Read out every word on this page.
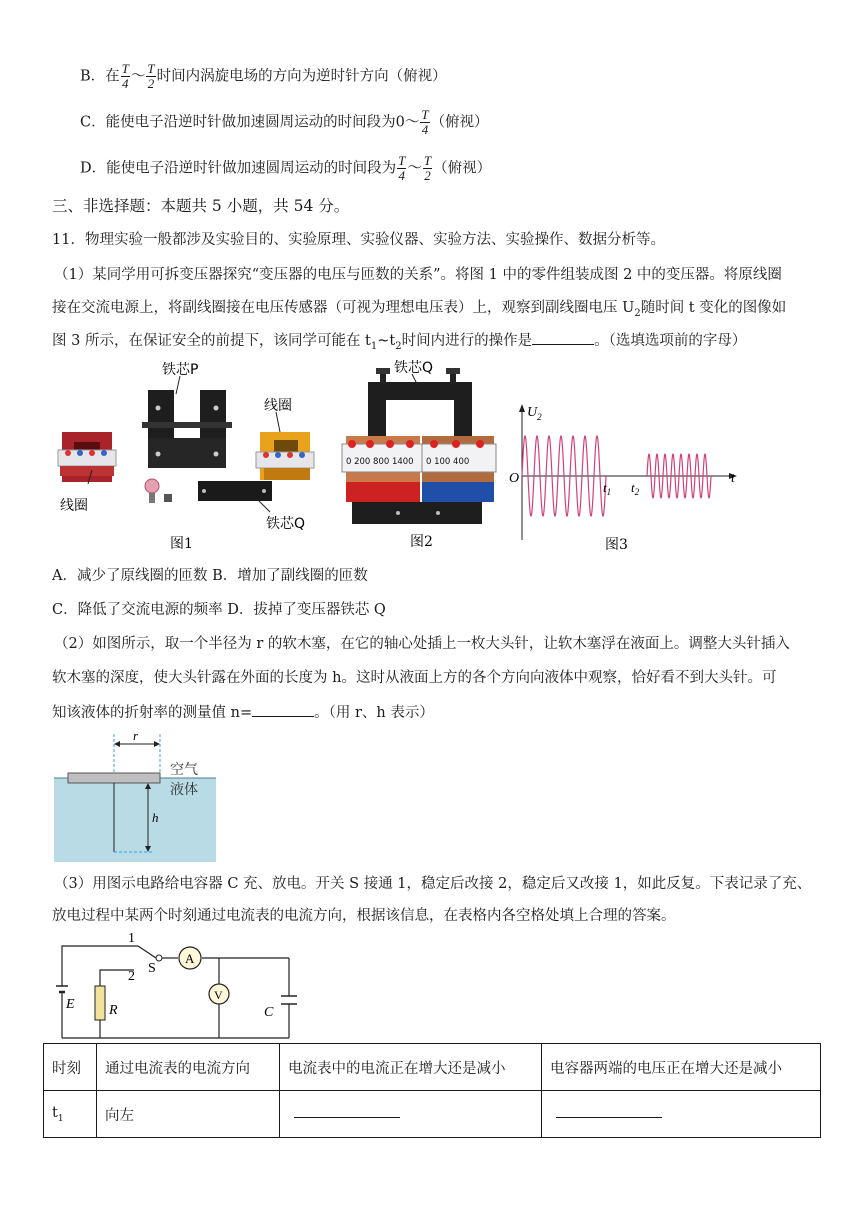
B．在 $\frac{T}{4}$ ～ $\frac{T}{2}$ 时间内涡旋电场的方向为逆时针方向（俯视）
C．能使电子沿逆时针做加速圆周运动的时间段为0～ $\frac{T}{4}$ （俯视）
D．能使电子沿逆时针做加速圆周运动的时间段为 $\frac{T}{4}$ ～ $\frac{T}{2}$ （俯视）
三、非选择题：本题共 5 小题，共 54 分。
11．物理实验一般都涉及实验目的、实验原理、实验仪器、实验方法、实验操作、数据分析等。
（1）某同学用可拆变压器探究“变压器的电压与匝数的关系”。将图 1 中的零件组装成图 2 中的变压器。将原线圈
接在交流电源上，将副线圈接在电压传感器（可视为理想电压表）上，观察到副线圈电压 $U_2$随时间 t 变化的图像如
图 3 所示，在保证安全的前提下，该同学可能在 $t_1\sim t_2$时间内进行的操作是	。（选填选项前的字母）
铁芯P
线圈
线圈
铁芯Q
图1
0 200 800 1400 0 100 400
铁芯Q
图2
$U_2$
t
O
$t_1$ $t_2$
图3
A．减少了原线圈的匝数 B．增加了副线圈的匝数
C．降低了交流电源的频率 D．拔掉了变压器铁芯 Q
（2）如图所示，取一个半径为 r 的软木塞，在它的轴心处插上一枚大头针，让软木塞浮在液面上。调整大头针插入
软木塞的深度，使大头针露在外面的长度为 h。这时从液面上方的各个方向向液体中观察，恰好看不到大头针。可
知该液体的折射率的测量值 n=	。（用 r、h 表示）
r
h
空气
液体
（3）用图示电路给电容器 C 充、放电。开关 S 接通 1，稳定后改接 2，稳定后又改接 1，如此反复。下表记录了充、
放电过程中某两个时刻通过电流表的电流方向，根据该信息，在表格内各空格处填上合理的答案。
1
2
S
A
V
E R	C
时刻	通过电流表的电流方向	电流表中的电流正在增大还是减小	电容器两端的电压正在增大还是减小
$t_1$	向左		
